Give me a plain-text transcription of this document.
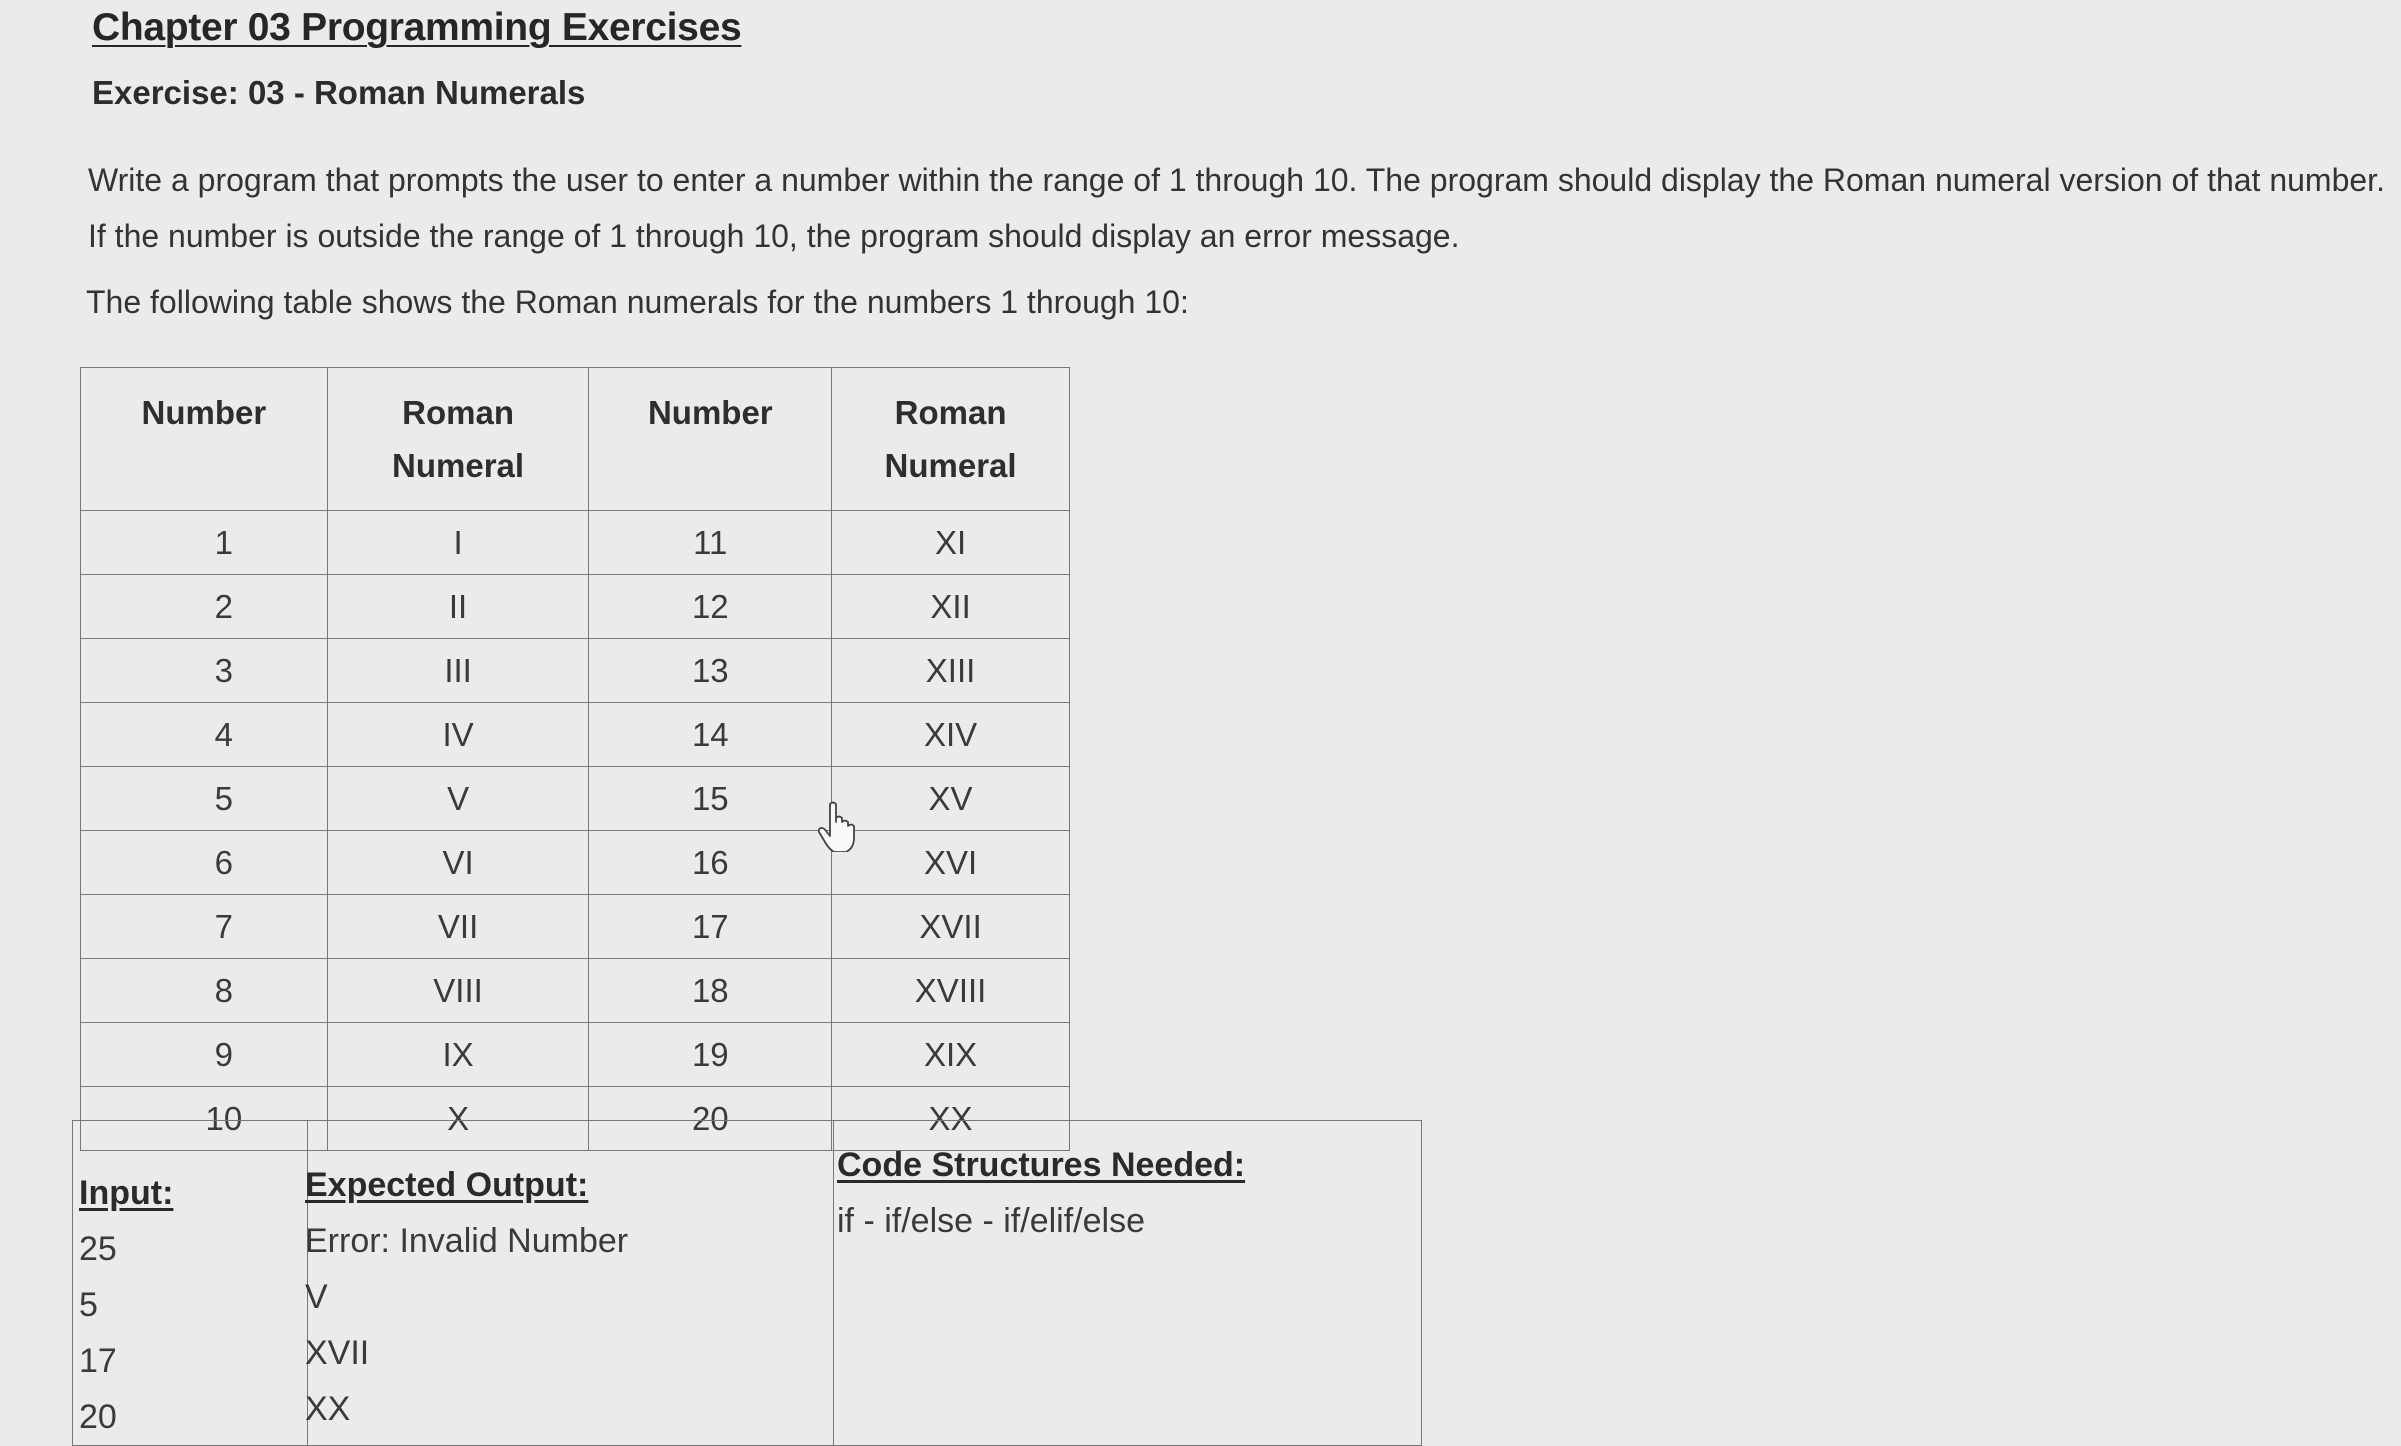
Chapter 03 Programming Exercises
Exercise: 03 - Roman Numerals
Write a program that prompts the user to enter a number within the range of 1 through 10. The program should display the Roman numeral version of that number. If the number is outside the range of 1 through 10, the program should display an error message.
The following table shows the Roman numerals for the numbers 1 through 10:
Number	Roman Numeral	Number	Roman Numeral
1	I	11	XI
2	II	12	XII
3	III	13	XIII
4	IV	14	XIV
5	V	15	XV
6	VI	16	XVI
7	VII	17	XVII
8	VIII	18	XVIII
9	IX	19	XIX
10	X	20	XX
Input:
25
5
17
20
Expected Output:
Error: Invalid Number
V
XVII
XX
Code Structures Needed:
if - if/else - if/elif/else
